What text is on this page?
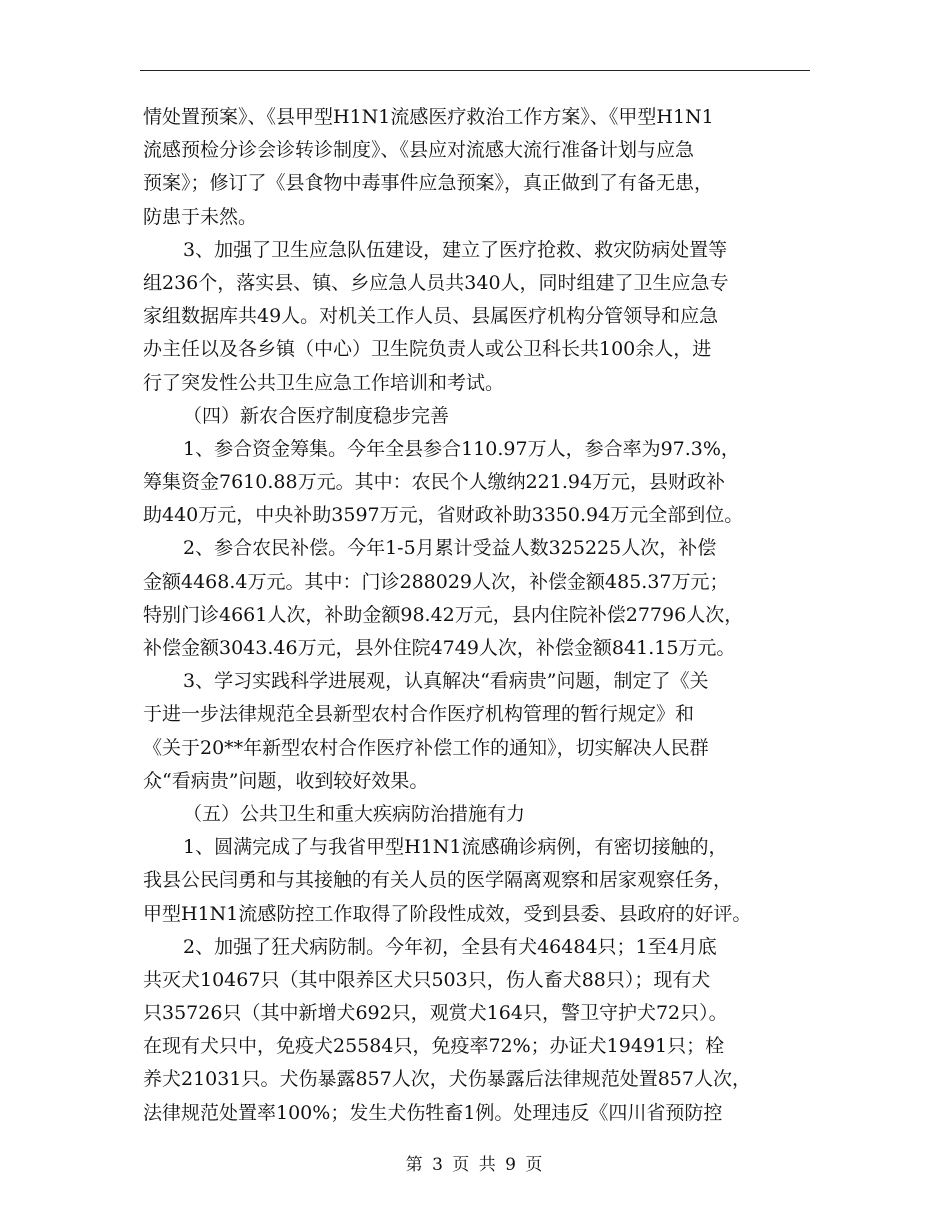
情处置预案》、《县甲型H1N1流感医疗救治工作方案》、《甲型H1N1
流感预检分诊会诊转诊制度》、《县应对流感大流行准备计划与应急
预案》；修订了《县食物中毒事件应急预案》，真正做到了有备无患，
防患于未然。
3、加强了卫生应急队伍建设，建立了医疗抢救、救灾防病处置等
组236个，落实县、镇、乡应急人员共340人，同时组建了卫生应急专
家组数据库共49人。对机关工作人员、县属医疗机构分管领导和应急
办主任以及各乡镇（中心）卫生院负责人或公卫科长共100余人，进
行了突发性公共卫生应急工作培训和考试。
（四）新农合医疗制度稳步完善
1、参合资金筹集。今年全县参合110.97万人，参合率为97.3%，
筹集资金7610.88万元。其中：农民个人缴纳221.94万元，县财政补
助440万元，中央补助3597万元，省财政补助3350.94万元全部到位。
2、参合农民补偿。今年1-5月累计受益人数325225人次，补偿
金额4468.4万元。其中：门诊288029人次，补偿金额485.37万元；
特别门诊4661人次，补助金额98.42万元，县内住院补偿27796人次，
补偿金额3043.46万元，县外住院4749人次，补偿金额841.15万元。
3、学习实践科学进展观，认真解决“看病贵”问题，制定了《关
于进一步法律规范全县新型农村合作医疗机构管理的暂行规定》和
《关于20**年新型农村合作医疗补偿工作的通知》，切实解决人民群
众“看病贵”问题，收到较好效果。
（五）公共卫生和重大疾病防治措施有力
1、圆满完成了与我省甲型H1N1流感确诊病例，有密切接触的，
我县公民闫勇和与其接触的有关人员的医学隔离观察和居家观察任务，
甲型H1N1流感防控工作取得了阶段性成效，受到县委、县政府的好评。
2、加强了狂犬病防制。今年初，全县有犬46484只；1至4月底
共灭犬10467只（其中限养区犬只503只，伤人畜犬88只）；现有犬
只35726只（其中新增犬692只，观赏犬164只，警卫守护犬72只）。
在现有犬只中，免疫犬25584只，免疫率72%；办证犬19491只；栓
养犬21031只。犬伤暴露857人次，犬伤暴露后法律规范处置857人次，
法律规范处置率100%；发生犬伤牲畜1例。处理违反《四川省预防控
第 3 页 共 9 页
